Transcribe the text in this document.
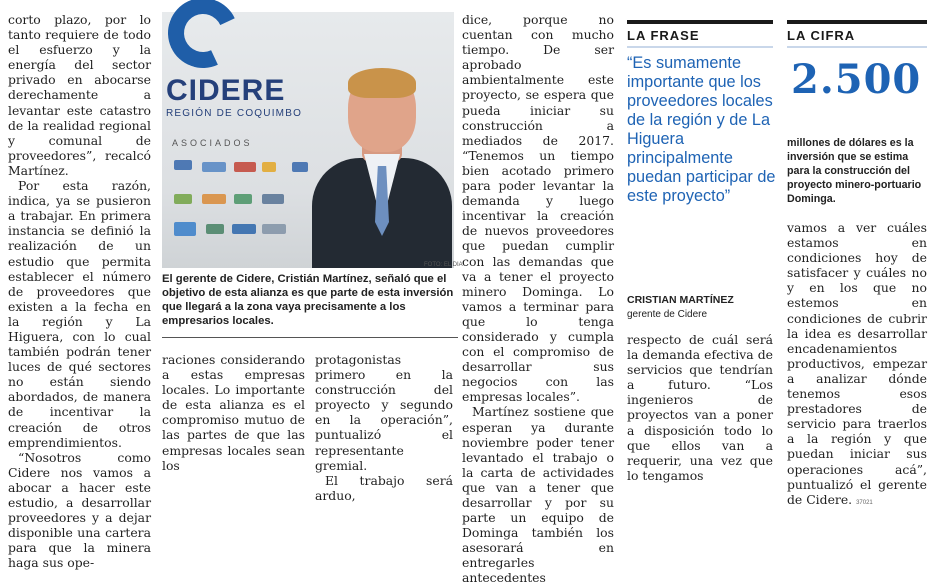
corto plazo, por lo tanto requiere de todo el esfuerzo y la energía del sector privado en abocarse derechamente a levantar este catastro de la realidad regional y comunal de proveedores”, recalcó Martínez.

Por esta razón, indica, ya se pusieron a trabajar. En primera instancia se definió la realización de un estudio que permita establecer el número de proveedores que existen a la fecha en la región y La Higuera, con lo cual también podrán tener luces de qué sectores no están siendo abordados, de manera de incentivar la creación de otros emprendimientos.

“Nosotros como Cidere nos vamos a abocar a hacer este estudio, a desarrollar proveedores y a dejar disponible una cartera para que la minera haga sus ope-

CIDERE
REGIÓN DE COQUIMBO
ASOCIADOS
FOTO: EL DIA
El gerente de Cidere, Cristián Martínez, señaló que el objetivo de esta alianza es que parte de esta inversión que llegará a la zona vaya precisamente a los empresarios locales.

raciones considerando a estas empresas locales. Lo importante de esta alianza es el compromiso mutuo de las partes de que las empresas locales sean los

protagonistas primero en la construcción del proyecto y segundo en la operación”, puntualizó el representante gremial.

El trabajo será arduo,

dice, porque no cuentan con mucho tiempo. De ser aprobado ambientalmente este proyecto, se espera que pueda iniciar su construcción a mediados de 2017. “Tenemos un tiempo bien acotado primero para poder levantar la demanda y luego incentivar la creación de nuevos proveedores que puedan cumplir con las demandas que va a tener el proyecto minero Dominga. Lo vamos a terminar para que lo tenga considerado y cumpla con el compromiso de desarrollar sus negocios con las empresas locales”.

Martínez sostiene que esperan ya durante noviembre poder tener levantado el trabajo o la carta de actividades que van a tener que desarrollar y por su parte un equipo de Dominga también los asesorará en entregarles antecedentes

LA FRASE
“Es sumamente importante que los proveedores locales de la región y de La Higuera principalmente puedan participar de este proyecto”
CRISTIAN MARTÍNEZ
gerente de Cidere
LA CIFRA
2.500
millones de dólares es la inversión que se estima para la construcción del proyecto minero-portuario Dominga.

respecto de cuál será la demanda efectiva de servicios que tendrían a futuro. “Los ingenieros de proyectos van a poner a disposición todo lo que ellos van a requerir, una vez que lo tengamos

vamos a ver cuáles estamos en condiciones hoy de satisfacer y cuáles no y en los que no estemos en condiciones de cubrir la idea es desarrollar encadenamientos productivos, empezar a analizar dónde tenemos esos prestadores de servicio para traerlos a la región y que puedan iniciar sus operaciones acá”, puntualizó el gerente de Cidere. 37021
